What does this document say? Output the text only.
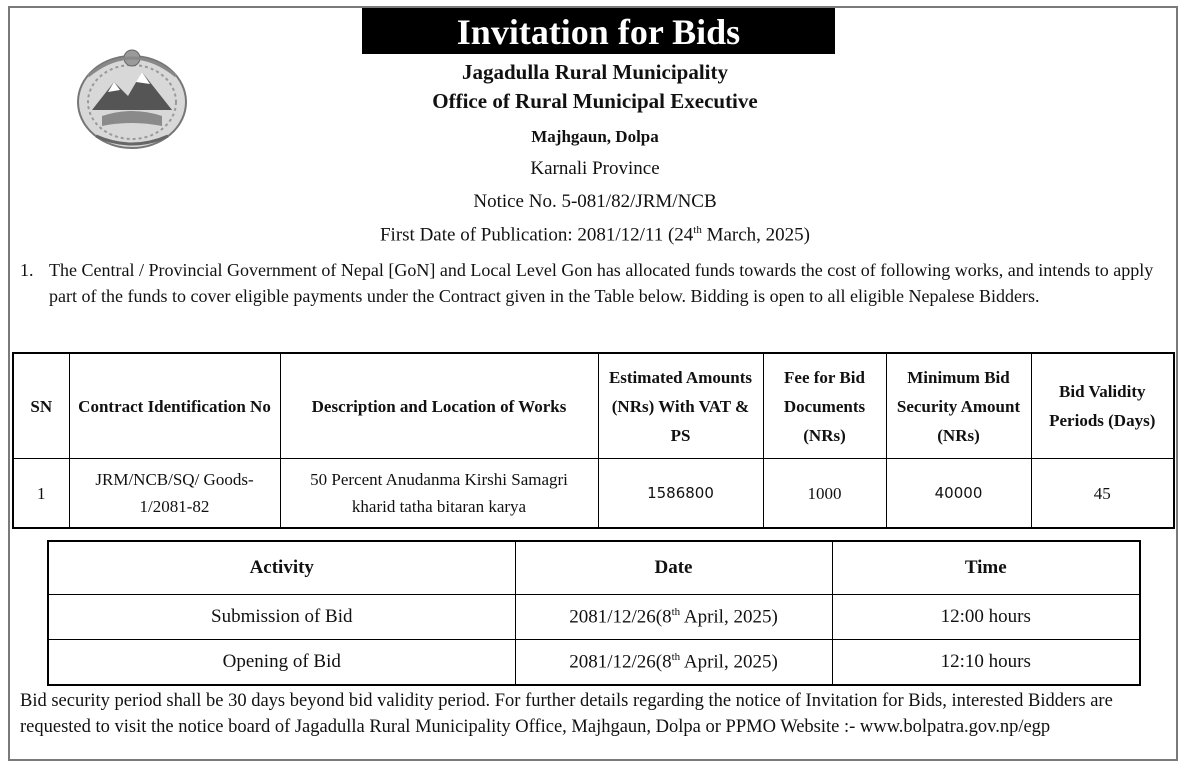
Invitation for Bids
Jagadulla Rural Municipality
Office of Rural Municipal Executive
Majhgaun, Dolpa
Karnali Province
Notice No. 5-081/82/JRM/NCB
First Date of Publication: 2081/12/11 (24th March, 2025)
1. The Central / Provincial Government of Nepal [GoN] and Local Level Gon has allocated funds towards the cost of following works, and intends to apply part of the funds to cover eligible payments under the Contract given in the Table below. Bidding is open to all eligible Nepalese Bidders.
SN	Contract Identification No	Description and Location of Works	Estimated Amounts (NRs) With VAT & PS	Fee for Bid Documents (NRs)	Minimum Bid Security Amount (NRs)	Bid Validity Periods (Days)
1	JRM/NCB/SQ/ Goods-1/2081-82	50 Percent Anudanma Kirshi Samagri kharid tatha bitaran karya	1586800	1000	40000	45
Activity	Date	Time
Submission of Bid	2081/12/26(8th April, 2025)	12:00 hours
Opening of Bid	2081/12/26(8th April, 2025)	12:10 hours
Bid security period shall be 30 days beyond bid validity period. For further details regarding the notice of Invitation for Bids, interested Bidders are requested to visit the notice board of Jagadulla Rural Municipality Office, Majhgaun, Dolpa or PPMO Website :- www.bolpatra.gov.np/egp
